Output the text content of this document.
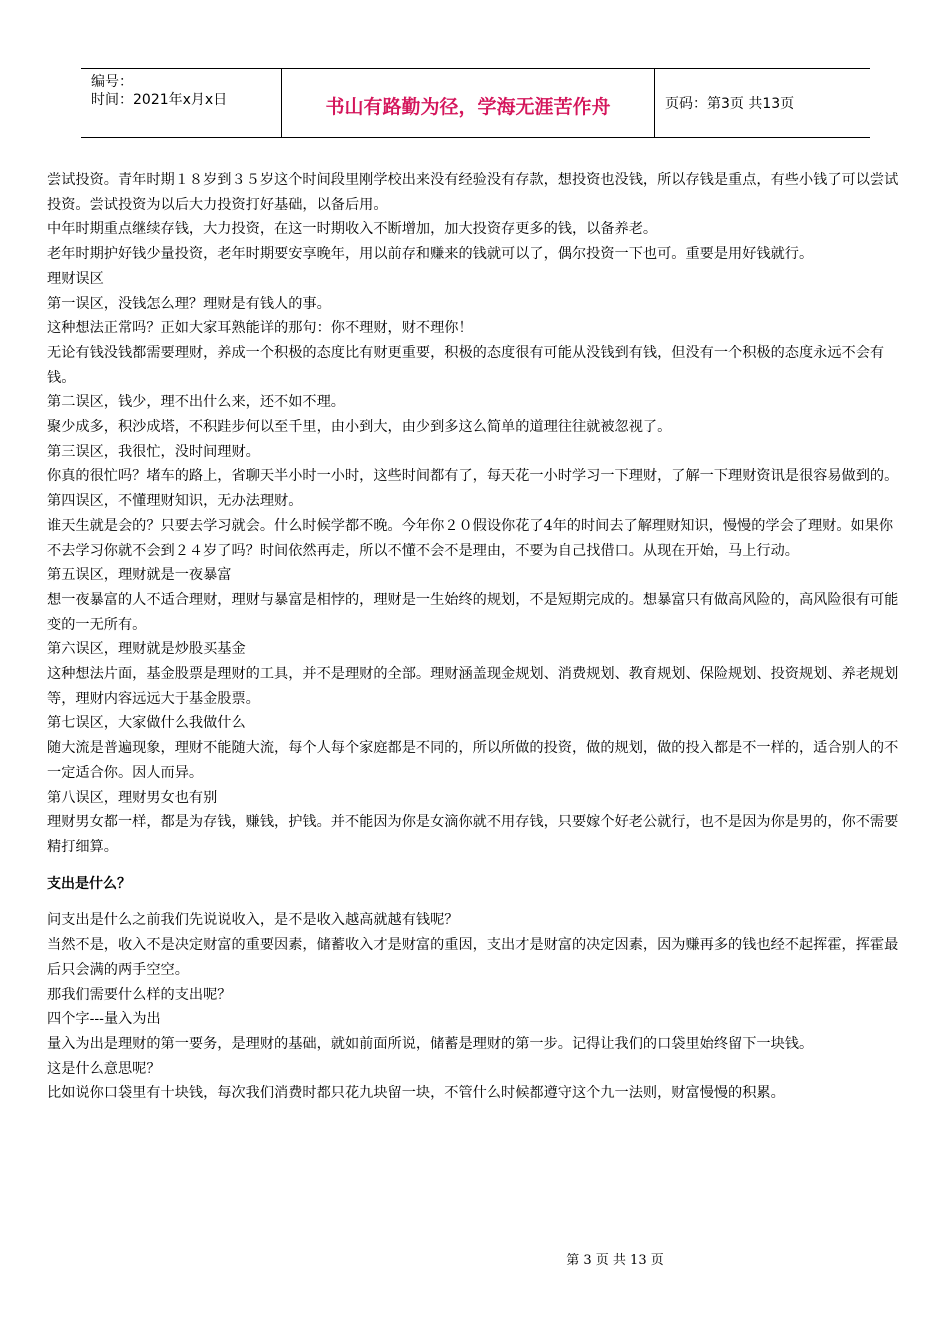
编号：
时间：2021年x月x日	书山有路勤为径，学海无涯苦作舟	页码：第3页 共13页

尝试投资。青年时期１８岁到３５岁这个时间段里刚学校出来没有经验没有存款，想投资也没钱，所以存钱是重点，有些小钱了可以尝试投资。尝试投资为以后大力投资打好基础，以备后用。

中年时期重点继续存钱，大力投资，在这一时期收入不断增加，加大投资存更多的钱，以备养老。

老年时期护好钱少量投资，老年时期要安享晚年，用以前存和赚来的钱就可以了，偶尔投资一下也可。重要是用好钱就行。

理财误区

第一误区，没钱怎么理？理财是有钱人的事。

这种想法正常吗？正如大家耳熟能详的那句：你不理财，财不理你！

无论有钱没钱都需要理财，养成一个积极的态度比有财更重要，积极的态度很有可能从没钱到有钱，但没有一个积极的态度永远不会有钱。

第二误区，钱少，理不出什么来，还不如不理。

聚少成多，积沙成塔，不积跬步何以至千里，由小到大，由少到多这么简单的道理往往就被忽视了。

第三误区，我很忙，没时间理财。

你真的很忙吗？堵车的路上，省聊天半小时一小时，这些时间都有了，每天花一小时学习一下理财，了解一下理财资讯是很容易做到的。

第四误区，不懂理财知识，无办法理财。

谁天生就是会的？只要去学习就会。什么时候学都不晚。今年你２０假设你花了4年的时间去了解理财知识，慢慢的学会了理财。如果你不去学习你就不会到２４岁了吗？时间依然再走，所以不懂不会不是理由，不要为自己找借口。从现在开始，马上行动。

第五误区，理财就是一夜暴富

想一夜暴富的人不适合理财，理财与暴富是相悖的，理财是一生始终的规划，不是短期完成的。想暴富只有做高风险的，高风险很有可能变的一无所有。

第六误区，理财就是炒股买基金

这种想法片面，基金股票是理财的工具，并不是理财的全部。理财涵盖现金规划、消费规划、教育规划、保险规划、投资规划、养老规划等，理财内容远远大于基金股票。

第七误区，大家做什么我做什么

随大流是普遍现象，理财不能随大流，每个人每个家庭都是不同的，所以所做的投资，做的规划，做的投入都是不一样的，适合别人的不一定适合你。因人而异。

第八误区，理财男女也有别

理财男女都一样，都是为存钱，赚钱，护钱。并不能因为你是女滴你就不用存钱，只要嫁个好老公就行，也不是因为你是男的，你不需要精打细算。

支出是什么？

问支出是什么之前我们先说说收入，是不是收入越高就越有钱呢？

当然不是，收入不是决定财富的重要因素，储蓄收入才是财富的重因，支出才是财富的决定因素，因为赚再多的钱也经不起挥霍，挥霍最后只会满的两手空空。

那我们需要什么样的支出呢？

四个字---量入为出

量入为出是理财的第一要务，是理财的基础，就如前面所说，储蓄是理财的第一步。记得让我们的口袋里始终留下一块钱。

这是什么意思呢？

比如说你口袋里有十块钱，每次我们消费时都只花九块留一块，不管什么时候都遵守这个九一法则，财富慢慢的积累。

第 3 页 共 13 页
